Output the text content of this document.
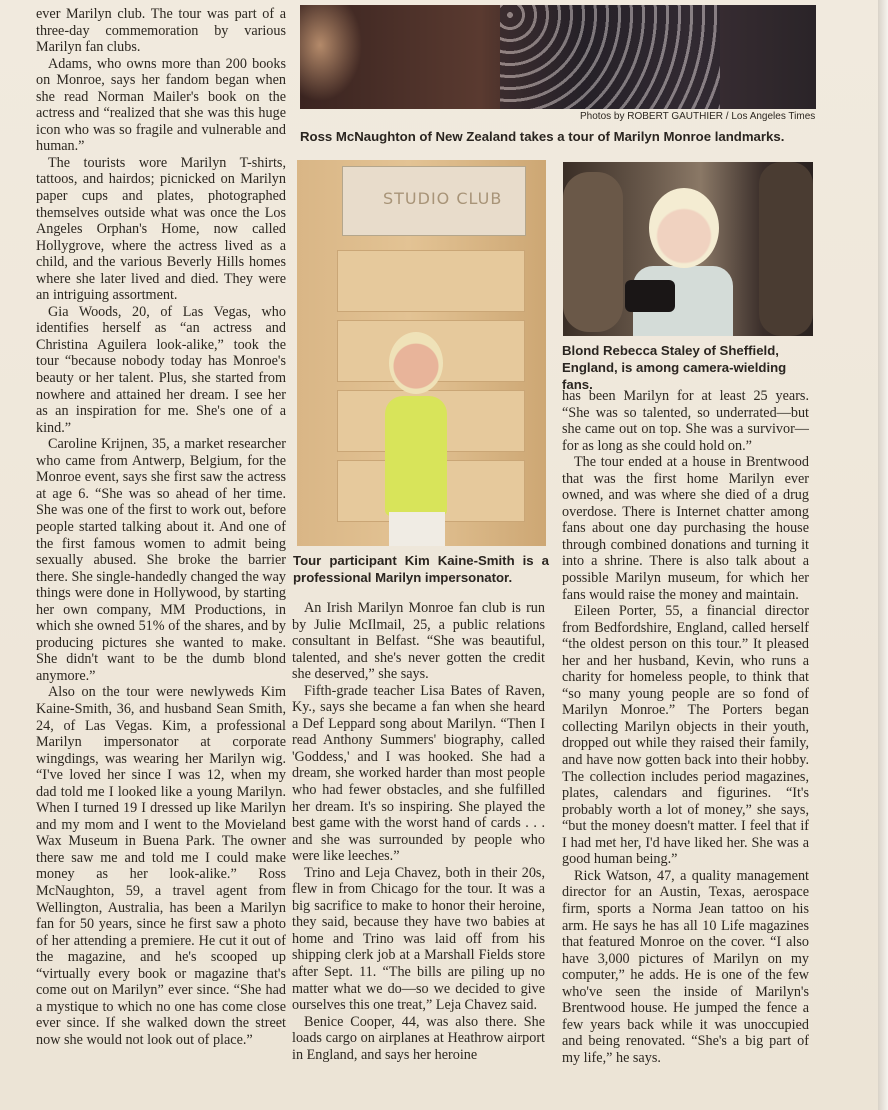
Photos by ROBERT GAUTHIER / Los Angeles Times
Ross McNaughton of New Zealand takes a tour of Marilyn Monroe landmarks.
STUDIO CLUB
Tour participant Kim Kaine-Smith is a professional Marilyn impersonator.
Blond Rebecca Staley of Sheffield, England, is among camera-wielding fans.

ever Marilyn club. The tour was part of a three-day commemoration by various Marilyn fan clubs.

Adams, who owns more than 200 books on Monroe, says her fandom began when she read Norman Mailer's book on the actress and “realized that she was this huge icon who was so fragile and vulnerable and human.”

The tourists wore Marilyn T-shirts, tattoos, and hairdos; picnicked on Marilyn paper cups and plates, photographed themselves outside what was once the Los Angeles Orphan's Home, now called Hollygrove, where the actress lived as a child, and the various Beverly Hills homes where she later lived and died. They were an intriguing assortment.

Gia Woods, 20, of Las Vegas, who identifies herself as “an actress and Christina Aguilera look-alike,” took the tour “because nobody today has Monroe's beauty or her talent. Plus, she started from nowhere and attained her dream. I see her as an inspiration for me. She's one of a kind.”

Caroline Krijnen, 35, a market researcher who came from Antwerp, Belgium, for the Monroe event, says she first saw the actress at age 6. “She was so ahead of her time. She was one of the first to work out, before people started talking about it. And one of the first famous women to admit being sexually abused. She broke the barrier there. She single-handedly changed the way things were done in Hollywood, by starting her own company, MM Productions, in which she owned 51% of the shares, and by producing pictures she wanted to make. She didn't want to be the dumb blond anymore.”

Also on the tour were newlyweds Kim Kaine-Smith, 36, and husband Sean Smith, 24, of Las Vegas. Kim, a professional Marilyn impersonator at corporate wingdings, was wearing her Marilyn wig. “I've loved her since I was 12, when my dad told me I looked like a young Marilyn. When I turned 19 I dressed up like Marilyn and my mom and I went to the Movieland Wax Museum in Buena Park. The owner there saw me and told me I could make money as her look-alike.” Ross McNaughton, 59, a travel agent from Wellington, Australia, has been a Marilyn fan for 50 years, since he first saw a photo of her attending a premiere. He cut it out of the magazine, and he's scooped up “virtually every book or magazine that's come out on Marilyn” ever since. “She had a mystique to which no one has come close ever since. If she walked down the street now she would not look out of place.”

An Irish Marilyn Monroe fan club is run by Julie McIlmail, 25, a public relations consultant in Belfast. “She was beautiful, talented, and she's never gotten the credit she deserved,” she says.

Fifth-grade teacher Lisa Bates of Raven, Ky., says she became a fan when she heard a Def Leppard song about Marilyn. “Then I read Anthony Summers' biography, called 'Goddess,' and I was hooked. She had a dream, she worked harder than most people who had fewer obstacles, and she fulfilled her dream. It's so inspiring. She played the best game with the worst hand of cards . . . and she was surrounded by people who were like leeches.”

Trino and Leja Chavez, both in their 20s, flew in from Chicago for the tour. It was a big sacrifice to make to honor their heroine, they said, because they have two babies at home and Trino was laid off from his shipping clerk job at a Marshall Fields store after Sept. 11. “The bills are piling up no matter what we do—so we decided to give ourselves this one treat,” Leja Chavez said.

Benice Cooper, 44, was also there. She loads cargo on airplanes at Heathrow airport in England, and says her heroine

has been Marilyn for at least 25 years. “She was so talented, so underrated—but she came out on top. She was a survivor—for as long as she could hold on.”

The tour ended at a house in Brentwood that was the first home Marilyn ever owned, and was where she died of a drug overdose. There is Internet chatter among fans about one day purchasing the house through combined donations and turning it into a shrine. There is also talk about a possible Marilyn museum, for which her fans would raise the money and maintain.

Eileen Porter, 55, a financial director from Bedfordshire, England, called herself “the oldest person on this tour.” It pleased her and her husband, Kevin, who runs a charity for homeless people, to think that “so many young people are so fond of Marilyn Monroe.” The Porters began collecting Marilyn objects in their youth, dropped out while they raised their family, and have now gotten back into their hobby. The collection includes period magazines, plates, calendars and figurines. “It's probably worth a lot of money,” she says, “but the money doesn't matter. I feel that if I had met her, I'd have liked her. She was a good human being.”

Rick Watson, 47, a quality management director for an Austin, Texas, aerospace firm, sports a Norma Jean tattoo on his arm. He says he has all 10 Life magazines that featured Monroe on the cover. “I also have 3,000 pictures of Marilyn on my computer,” he adds. He is one of the few who've seen the inside of Marilyn's Brentwood house. He jumped the fence a few years back while it was unoccupied and being renovated. “She's a big part of my life,” he says.
